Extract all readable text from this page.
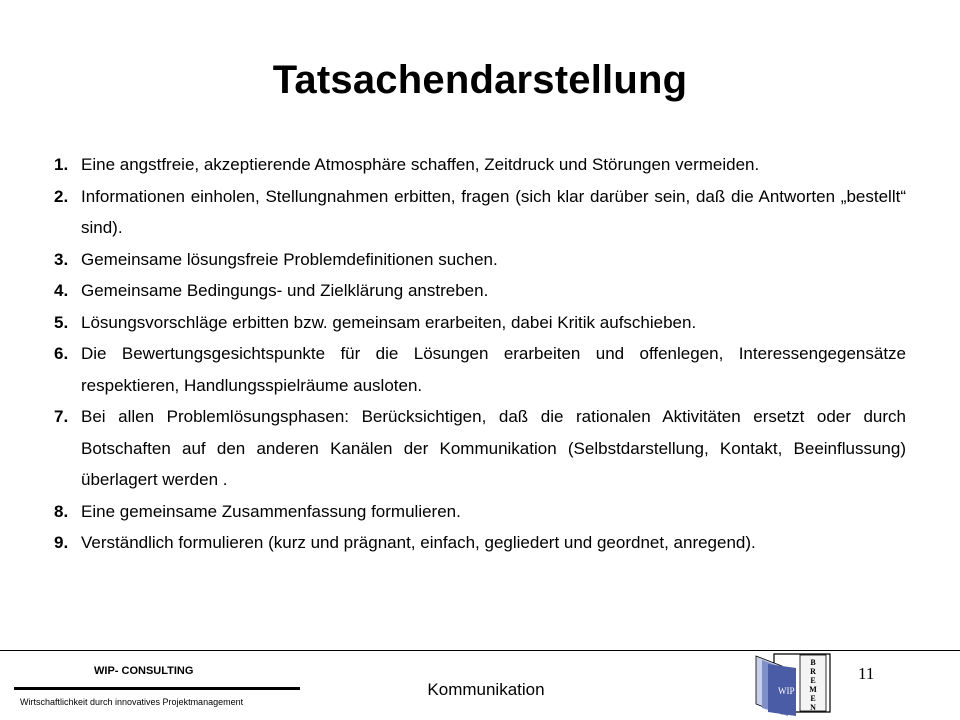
Tatsachendarstellung
1. Eine angstfreie, akzeptierende Atmosphäre schaffen, Zeitdruck und Störungen vermeiden.
2. Informationen einholen, Stellungnahmen erbitten, fragen (sich klar darüber sein, daß die Antworten „bestellt“ sind).
3. Gemeinsame lösungsfreie Problemdefinitionen suchen.
4. Gemeinsame Bedingungs- und Zielklärung anstreben.
5. Lösungsvorschläge erbitten bzw. gemeinsam erarbeiten, dabei Kritik aufschieben.
6. Die Bewertungsgesichtspunkte für die Lösungen erarbeiten und offenlegen, Interessengegensätze respektieren, Handlungsspielräume ausloten.
7. Bei allen Problemlösungsphasen: Berücksichtigen, daß die rationalen Aktivitäten ersetzt oder durch Botschaften auf den anderen Kanälen der Kommunikation (Selbstdarstellung, Kontakt, Beeinflussung) überlagert werden .
8. Eine gemeinsame Zusammenfassung formulieren.
9. Verständlich formulieren (kurz und prägnant, einfach, gegliedert und geordnet, anregend).
WIP- CONSULTING
Wirtschaftlichkeit durch innovatives Projektmanagement
Kommunikation
11
WIP
B
R
E
M
E
N
